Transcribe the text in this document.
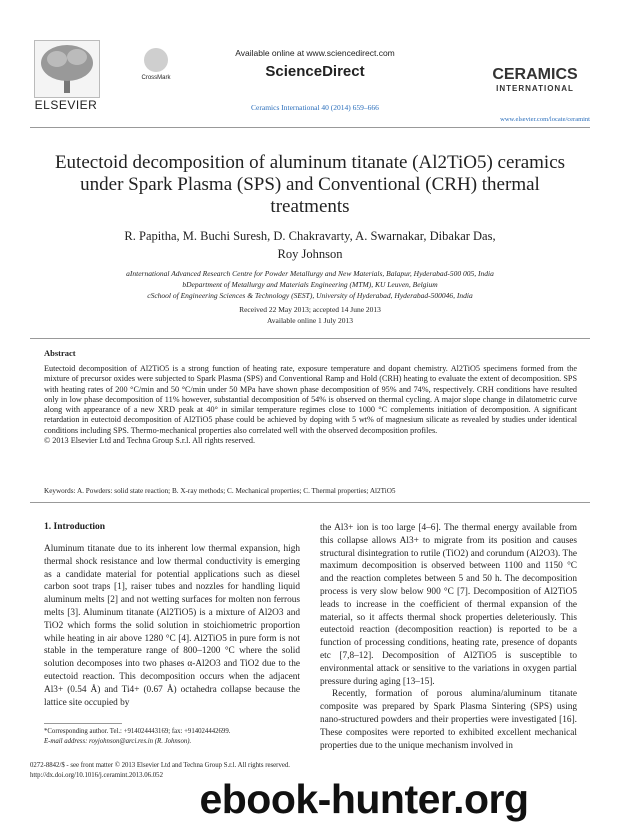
ELSEVIER
CrossMark
Available online at www.sciencedirect.com
ScienceDirect
Ceramics International 40 (2014) 659–666
CERAMICS
INTERNATIONAL
www.elsevier.com/locate/ceramint
Eutectoid decomposition of aluminum titanate (Al2TiO5) ceramics under Spark Plasma (SPS) and Conventional (CRH) thermal treatments
R. Papitha, M. Buchi Suresh, D. Chakravarty, A. Swarnakar, Dibakar Das,
Roy Johnson
aInternational Advanced Research Centre for Powder Metallurgy and New Materials, Balapur, Hyderabad-500 005, India
bDepartment of Metallurgy and Materials Engineering (MTM), KU Leuven, Belgium
cSchool of Engineering Sciences & Technology (SEST), University of Hyderabad, Hyderabad-500046, India
Received 22 May 2013; accepted 14 June 2013
Available online 1 July 2013
Abstract
Eutectoid decomposition of Al2TiO5 is a strong function of heating rate, exposure temperature and dopant chemistry. Al2TiO5 specimens formed from the mixture of precursor oxides were subjected to Spark Plasma (SPS) and Conventional Ramp and Hold (CRH) heating to evaluate the extent of decomposition. SPS with heating rates of 200 °C/min and 50 °C/min under 50 MPa have shown phase decomposition of 95% and 74%, respectively. CRH conditions have resulted only in low phase decomposition of 11% however, substantial decomposition of 54% is observed on thermal cycling. A major slope change in dilatometric curve along with appearance of a new XRD peak at 40° in similar temperature regimes close to 1000 °C complements initiation of decomposition. A significant retardation in eutectoid decomposition of Al2TiO5 phase could be achieved by doping with 5 wt% of magnesium silicate as revealed by studies under identical conditions including SPS. Thermo-mechanical properties also correlated well with the observed decomposition profiles.
© 2013 Elsevier Ltd and Techna Group S.r.l. All rights reserved.
Keywords: A. Powders: solid state reaction; B. X-ray methods; C. Mechanical properties; C. Thermal properties; Al2TiO5
1. Introduction
Aluminum titanate due to its inherent low thermal expansion, high thermal shock resistance and low thermal conductivity is emerging as a candidate material for potential applications such as diesel carbon soot traps [1], raiser tubes and nozzles for handling liquid aluminum melts [2] and not wetting surfaces for molten non ferrous melts [3]. Aluminum titanate (Al2TiO5) is a mixture of Al2O3 and TiO2 which forms the solid solution in stoichiometric proportion while heating in air above 1280 °C [4]. Al2TiO5 in pure form is not stable in the temperature range of 800–1200 °C where the solid solution decomposes into two phases α-Al2O3 and TiO2 due to the eutectoid reaction. This decomposition occurs when the adjacent Al3+ (0.54 Å) and Ti4+ (0.67 Å) octahedra collapse because the lattice site occupied by
the Al3+ ion is too large [4–6]. The thermal energy available from this collapse allows Al3+ to migrate from its position and causes structural disintegration to rutile (TiO2) and corundum (Al2O3). The maximum decomposition is observed between 1100 and 1150 °C and the reaction completes between 5 and 50 h. The decomposition process is very slow below 900 °C [7]. Decomposition of Al2TiO5 leads to increase in the coefficient of thermal expansion of the material, so it affects thermal shock properties deleteriously. This eutectoid reaction (decomposition reaction) is reported to be a function of processing conditions, heating rate, presence of dopants etc [7,8–12]. Decomposition of Al2TiO5 is susceptible to environmental attack or sensitive to the variations in oxygen partial pressure during aging [13–15].
Recently, formation of porous alumina/aluminum titanate composite was prepared by Spark Plasma Sintering (SPS) using nano-structured powders and their properties were investigated [16]. These composites were reported to exhibited excellent mechanical properties due to the unique mechanism involved in
*Corresponding author. Tel.: +914024443169; fax: +914024442699.
E-mail address: royjohnson@arci.res.in (R. Johnson).
0272-8842/$ - see front matter © 2013 Elsevier Ltd and Techna Group S.r.l. All rights reserved.
http://dx.doi.org/10.1016/j.ceramint.2013.06.052
ebook-hunter.org
